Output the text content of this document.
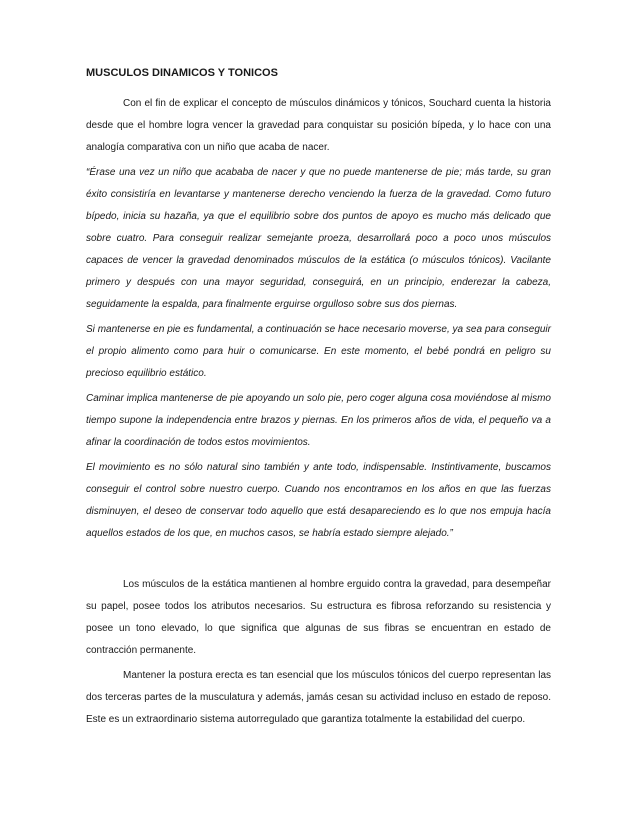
MUSCULOS DINAMICOS Y TONICOS

Con el fin de explicar el concepto de músculos dinámicos y tónicos, Souchard cuenta la historia desde que el hombre logra vencer la gravedad para conquistar su posición bípeda, y lo hace con una analogía comparativa con un niño que acaba de nacer.

“Érase una vez un niño que acababa de nacer y que no puede mantenerse de pie; más tarde, su gran éxito consistiría en levantarse y mantenerse derecho venciendo la fuerza de la gravedad. Como futuro bípedo, inicia su hazaña, ya que el equilibrio sobre dos puntos de apoyo es mucho más delicado que sobre cuatro. Para conseguir realizar semejante proeza, desarrollará poco a poco unos músculos capaces de vencer la gravedad denominados músculos de la estática (o músculos tónicos). Vacilante primero y después con una mayor seguridad, conseguirá, en un principio, enderezar la cabeza, seguidamente la espalda, para finalmente erguirse orgulloso sobre sus dos piernas.

Si mantenerse en pie es fundamental, a continuación se hace necesario moverse, ya sea para conseguir el propio alimento como para huir o comunicarse. En este momento, el bebé pondrá en peligro su precioso equilibrio estático.

Caminar implica mantenerse de pie apoyando un solo pie, pero coger alguna cosa moviéndose al mismo tiempo supone la independencia entre brazos y piernas. En los primeros años de vida, el pequeño va a afinar la coordinación de todos estos movimientos.

El movimiento es no sólo natural sino también y ante todo, indispensable. Instintivamente, buscamos conseguir el control sobre nuestro cuerpo. Cuando nos encontramos en los años en que las fuerzas disminuyen, el deseo de conservar todo aquello que está desapareciendo es lo que nos empuja hacía aquellos estados de los que, en muchos casos, se habría estado siempre alejado.”

Los músculos de la estática mantienen al hombre erguido contra la gravedad, para desempeñar su papel, posee todos los atributos necesarios. Su estructura es fibrosa reforzando su resistencia y posee un tono elevado, lo que significa que algunas de sus fibras se encuentran en estado de contracción permanente.

Mantener la postura erecta es tan esencial que los músculos tónicos del cuerpo representan las dos terceras partes de la musculatura y además, jamás cesan su actividad incluso en estado de reposo. Este es un extraordinario sistema autorregulado que garantiza totalmente la estabilidad del cuerpo.
